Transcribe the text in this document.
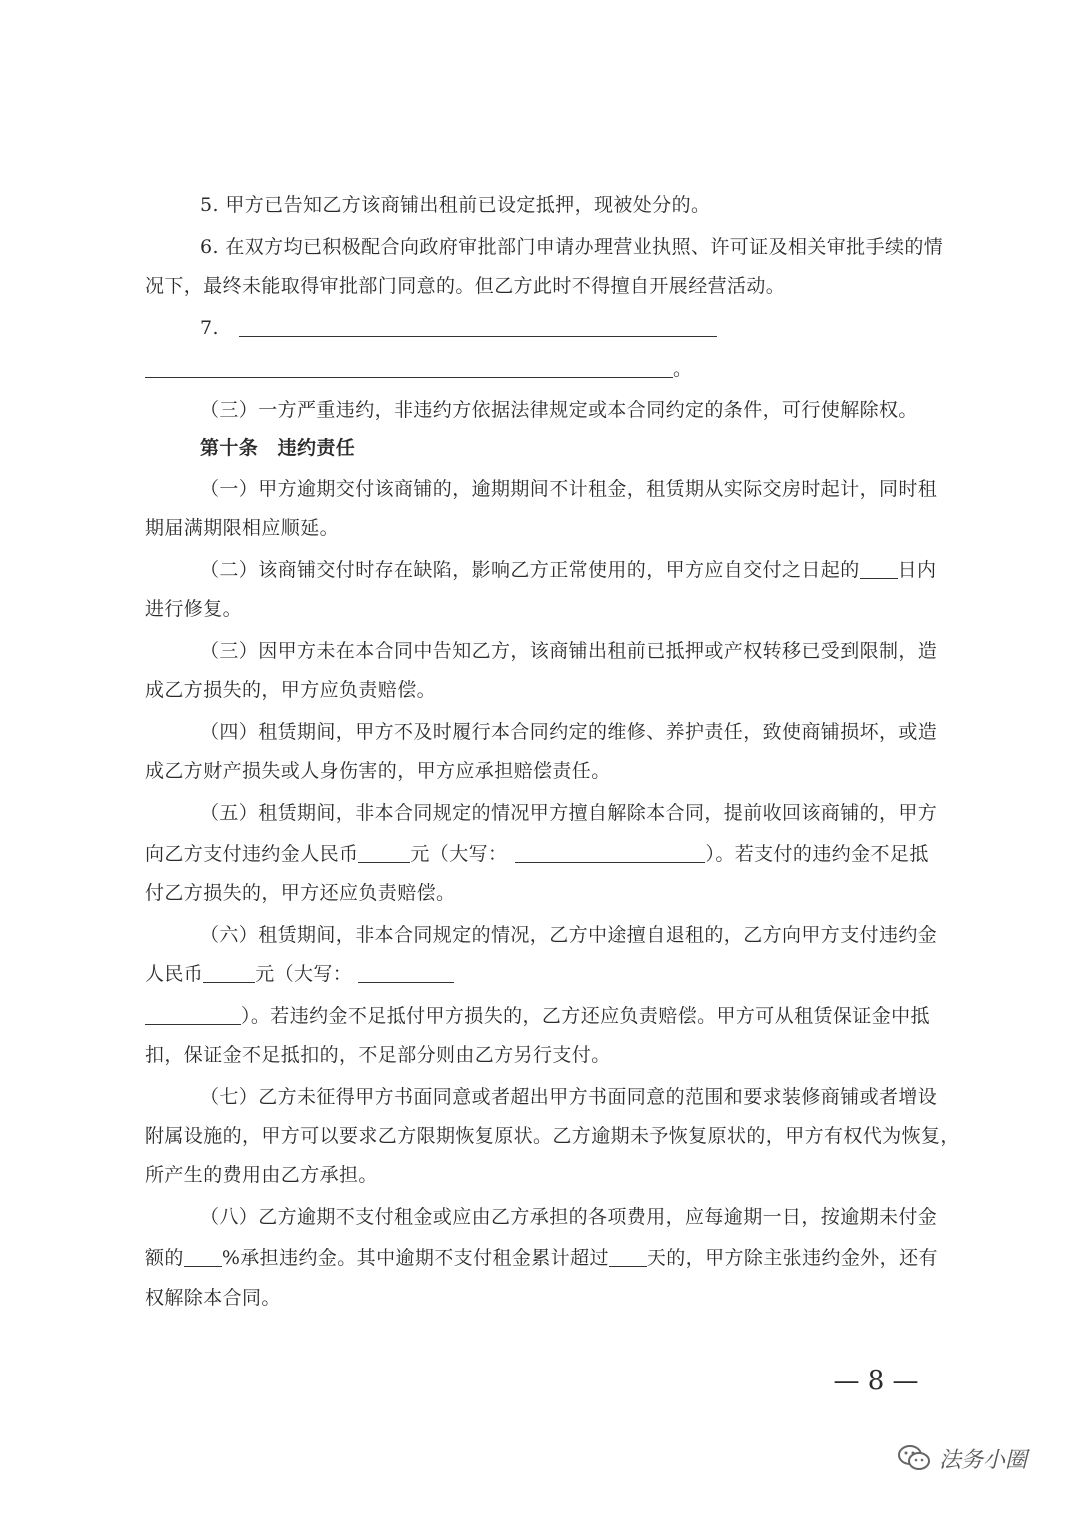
5. 甲方已告知乙方该商铺出租前已设定抵押，现被处分的。
6. 在双方均已积极配合向政府审批部门申请办理营业执照、许可证及相关审批手续的情
况下，最终未能取得审批部门同意的。但乙方此时不得擅自开展经营活动。
7.
。
（三）一方严重违约，非违约方依据法律规定或本合同约定的条件，可行使解除权。
第十条　违约责任
（一）甲方逾期交付该商铺的，逾期期间不计租金，租赁期从实际交房时起计，同时租
期届满期限相应顺延。
（二）该商铺交付时存在缺陷，影响乙方正常使用的，甲方应自交付之日起的 日内
进行修复。
（三）因甲方未在本合同中告知乙方，该商铺出租前已抵押或产权转移已受到限制，造
成乙方损失的，甲方应负责赔偿。
（四）租赁期间，甲方不及时履行本合同约定的维修、养护责任，致使商铺损坏，或造
成乙方财产损失或人身伤害的，甲方应承担赔偿责任。
（五）租赁期间，非本合同规定的情况甲方擅自解除本合同，提前收回该商铺的，甲方
向乙方支付违约金人民币	元（大写：	）。若支付的违约金不足抵
付乙方损失的，甲方还应负责赔偿。
（六）租赁期间，非本合同规定的情况，乙方中途擅自退租的，乙方向甲方支付违约金
人民币	元（大写：
）。若违约金不足抵付甲方损失的，乙方还应负责赔偿。甲方可从租赁保证金中抵
扣，保证金不足抵扣的，不足部分则由乙方另行支付。
（七）乙方未征得甲方书面同意或者超出甲方书面同意的范围和要求装修商铺或者增设
附属设施的，甲方可以要求乙方限期恢复原状。乙方逾期未予恢复原状的，甲方有权代为恢复，
所产生的费用由乙方承担。
（八）乙方逾期不支付租金或应由乙方承担的各项费用，应每逾期一日，按逾期未付金
额的 %承担违约金。其中逾期不支付租金累计超过 天的，甲方除主张违约金外，还有
权解除本合同。
— 8 —
法务小圈
